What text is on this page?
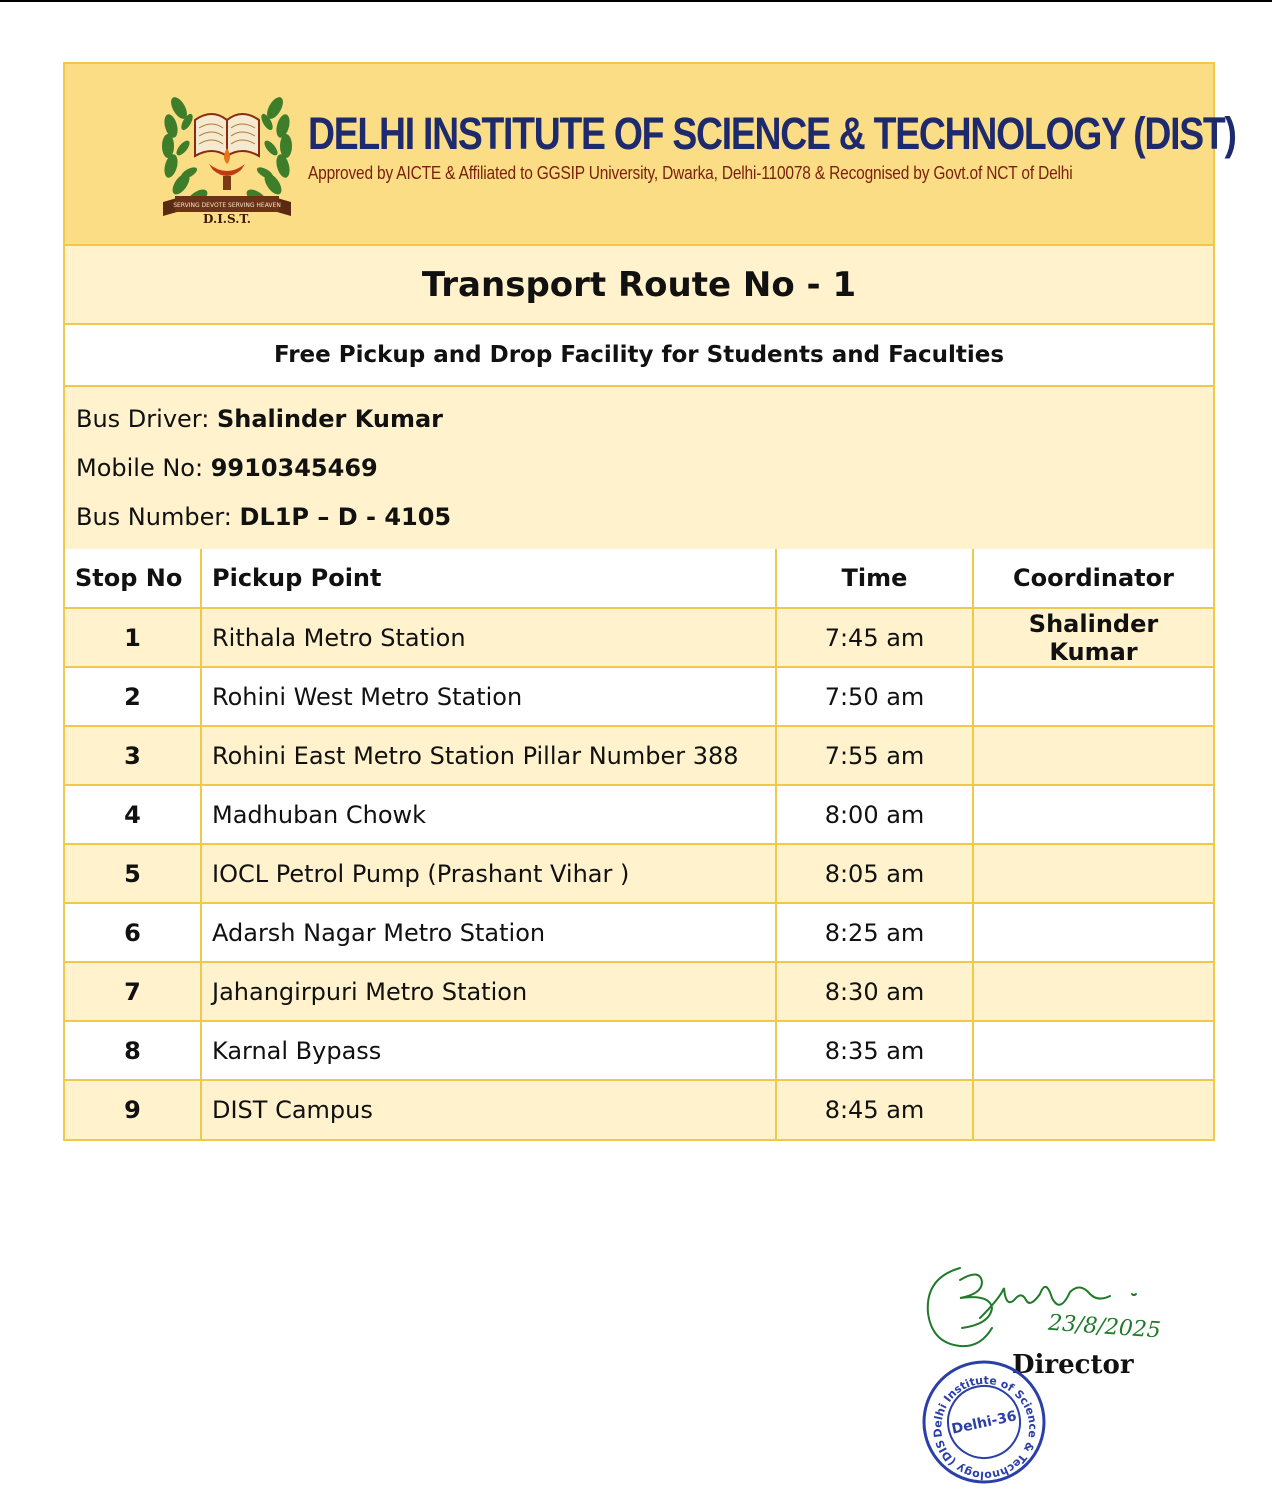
SERVING DEVOTE SERVING HEAVEN
D.I.S.T.
DELHI INSTITUTE OF SCIENCE & TECHNOLOGY (DIST)
Approved by AICTE & Affiliated to GGSIP University, Dwarka, Delhi-110078 & Recognised by Govt.of NCT of Delhi
Transport Route No - 1
Free Pickup and Drop Facility for Students and Faculties
Bus Driver: Shalinder Kumar
Mobile No: 9910345469
Bus Number: DL1P – D - 4105
Stop No	Pickup Point	Time	Coordinator
1	Rithala Metro Station	7:45 am	Shalinder Kumar
2	Rohini West Metro Station	7:50 am	
3	Rohini East Metro Station Pillar Number 388	7:55 am	
4	Madhuban Chowk	8:00 am	
5	IOCL Petrol Pump (Prashant Vihar )	8:05 am	
6	Adarsh Nagar Metro Station	8:25 am	
7	Jahangirpuri Metro Station	8:30 am	
8	Karnal Bypass	8:35 am	
9	DIST Campus	8:45 am	
23/8/2025
Director
Delhi Institute of Science & Technology (DIST)
Delhi-36
